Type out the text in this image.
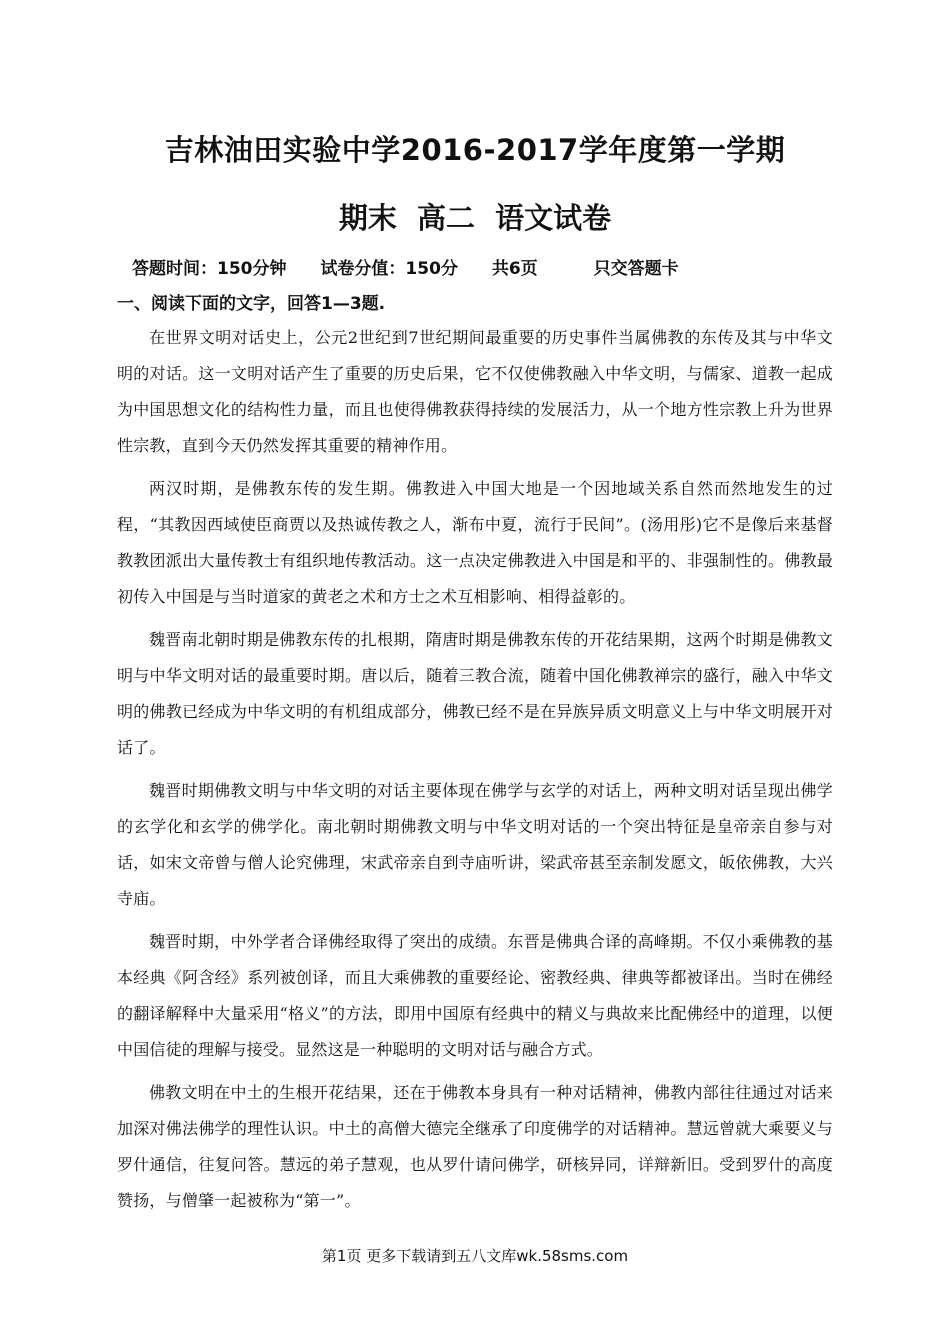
吉林油田实验中学2016-2017学年度第一学期
期末 高二 语文试卷
答题时间：150分钟 试卷分值：150分 共6页	只交答题卡
一、阅读下面的文字，回答1—3题.

在世界文明对话史上，公元2世纪到7世纪期间最重要的历史事件当属佛教的东传及其与中华文明的对话。这一文明对话产生了重要的历史后果，它不仅使佛教融入中华文明，与儒家、道教一起成为中国思想文化的结构性力量，而且也使得佛教获得持续的发展活力，从一个地方性宗教上升为世界性宗教，直到今天仍然发挥其重要的精神作用。

两汉时期，是佛教东传的发生期。佛教进入中国大地是一个因地域关系自然而然地发生的过程，“其教因西域使臣商贾以及热诚传教之人，渐布中夏，流行于民间”。(汤用彤)它不是像后来基督教教团派出大量传教士有组织地传教活动。这一点决定佛教进入中国是和平的、非强制性的。佛教最初传入中国是与当时道家的黄老之术和方士之术互相影响、相得益彰的。

魏晋南北朝时期是佛教东传的扎根期，隋唐时期是佛教东传的开花结果期，这两个时期是佛教文明与中华文明对话的最重要时期。唐以后，随着三教合流，随着中国化佛教禅宗的盛行，融入中华文明的佛教已经成为中华文明的有机组成部分，佛教已经不是在异族异质文明意义上与中华文明展开对话了。

魏晋时期佛教文明与中华文明的对话主要体现在佛学与玄学的对话上，两种文明对话呈现出佛学的玄学化和玄学的佛学化。南北朝时期佛教文明与中华文明对话的一个突出特征是皇帝亲自参与对话，如宋文帝曾与僧人论究佛理，宋武帝亲自到寺庙听讲，梁武帝甚至亲制发愿文，皈依佛教，大兴寺庙。

魏晋时期，中外学者合译佛经取得了突出的成绩。东晋是佛典合译的高峰期。不仅小乘佛教的基本经典《阿含经》系列被创译，而且大乘佛教的重要经论、密教经典、律典等都被译出。当时在佛经的翻译解释中大量采用“格义”的方法，即用中国原有经典中的精义与典故来比配佛经中的道理，以便中国信徒的理解与接受。显然这是一种聪明的文明对话与融合方式。

佛教文明在中土的生根开花结果，还在于佛教本身具有一种对话精神，佛教内部往往通过对话来加深对佛法佛学的理性认识。中土的高僧大德完全继承了印度佛学的对话精神。慧远曾就大乘要义与罗什通信，往复问答。慧远的弟子慧观，也从罗什请问佛学，研核异同，详辩新旧。受到罗什的高度赞扬，与僧肇一起被称为“第一”。

第1页 更多下载请到五八文库wk.58sms.com
